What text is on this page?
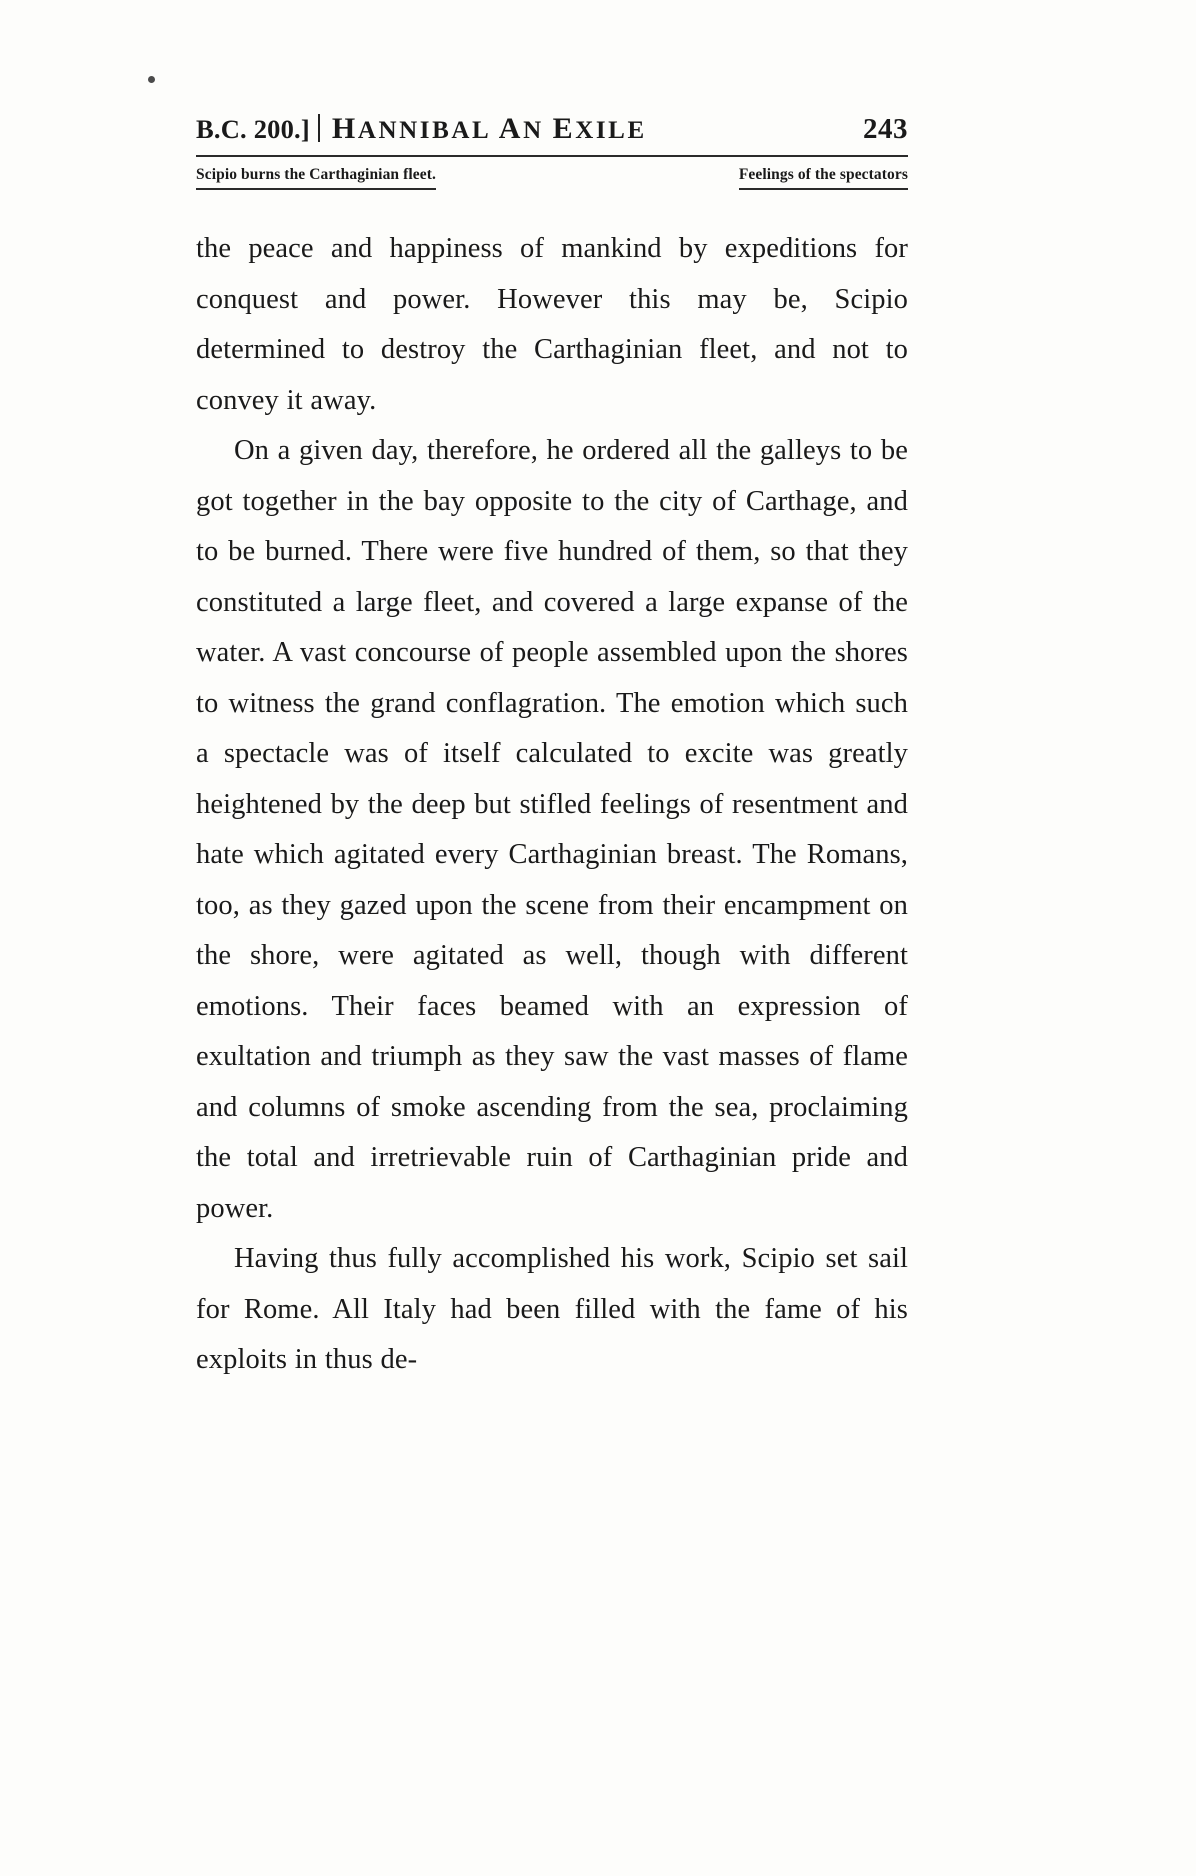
B.C. 200.] HANNIBAL AN EXILE	243
Scipio burns the Carthaginian fleet.	Feelings of the spectators

the peace and happiness of mankind by expeditions for conquest and power. However this may be, Scipio determined to destroy the Carthaginian fleet, and not to convey it away.

On a given day, therefore, he ordered all the galleys to be got together in the bay opposite to the city of Carthage, and to be burned. There were five hundred of them, so that they constituted a large fleet, and covered a large expanse of the water. A vast concourse of people assembled upon the shores to witness the grand conflagration. The emotion which such a spectacle was of itself calculated to excite was greatly heightened by the deep but stifled feelings of resentment and hate which agitated every Carthaginian breast. The Romans, too, as they gazed upon the scene from their encampment on the shore, were agitated as well, though with different emotions. Their faces beamed with an expression of exultation and triumph as they saw the vast masses of flame and columns of smoke ascending from the sea, proclaiming the total and irretrievable ruin of Carthaginian pride and power.

Having thus fully accomplished his work, Scipio set sail for Rome. All Italy had been filled with the fame of his exploits in thus de-
